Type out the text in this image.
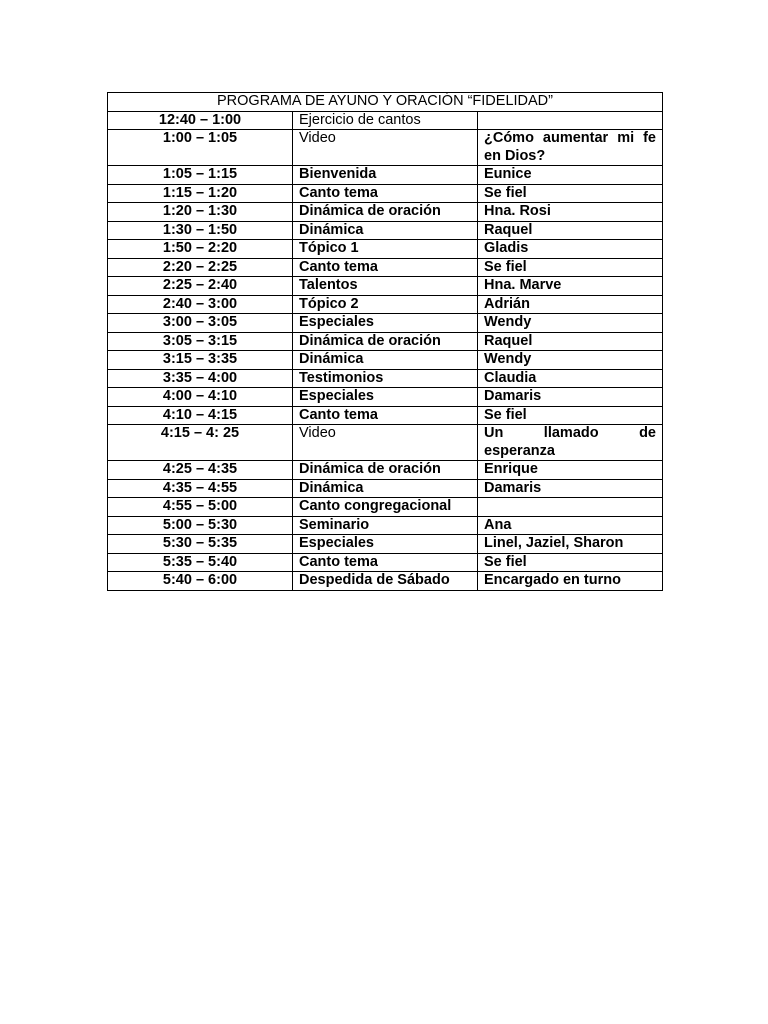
PROGRAMA DE AYUNO Y ORACIÓN “FIDELIDAD”		
12:40 – 1:00	Ejercicio de cantos	
1:00 – 1:05	Video	¿Cómo aumentar mi fe en Dios?
1:05 – 1:15	Bienvenida	Eunice
1:15 – 1:20	Canto tema	Se fiel
1:20 – 1:30	Dinámica de oración	Hna. Rosi
1:30 – 1:50	Dinámica	Raquel
1:50 – 2:20	Tópico 1	Gladis
2:20 – 2:25	Canto tema	Se fiel
2:25 – 2:40	Talentos	Hna. Marve
2:40 – 3:00	Tópico 2	Adrián
3:00 – 3:05	Especiales	Wendy
3:05 – 3:15	Dinámica de oración	Raquel
3:15 – 3:35	Dinámica	Wendy
3:35 – 4:00	Testimonios	Claudia
4:00 – 4:10	Especiales	Damaris
4:10 – 4:15	Canto tema	Se fiel
4:15 – 4: 25	Video	Un llamado de esperanza
4:25 – 4:35	Dinámica de oración	Enrique
4:35 – 4:55	Dinámica	Damaris
4:55 – 5:00	Canto congregacional	
5:00 – 5:30	Seminario	Ana
5:30 – 5:35	Especiales	Linel, Jaziel, Sharon
5:35 – 5:40	Canto tema	Se fiel
5:40 – 6:00	Despedida de Sábado	Encargado en turno
